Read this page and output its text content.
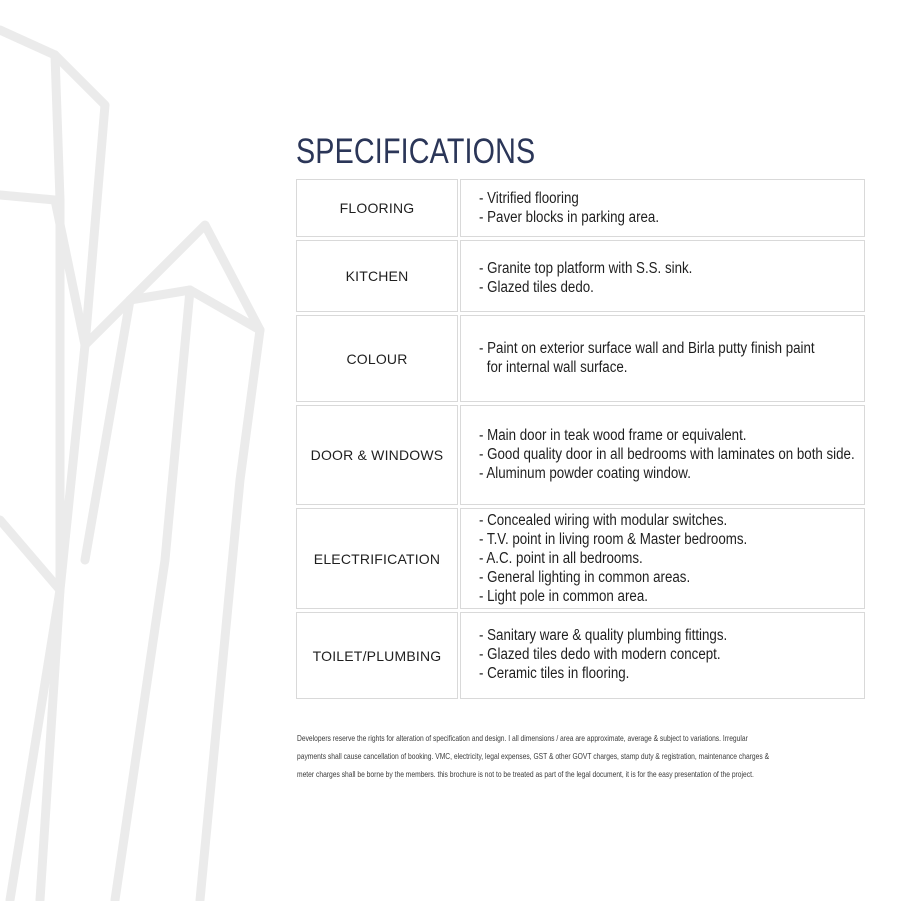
SPECIFICATIONS
FLOORING
- Vitrified flooring
- Paver blocks in parking area.
KITCHEN	- Granite top platform with S.S. sink.
- Glazed tiles dedo.
COLOUR
- Paint on exterior surface wall and Birla putty finish paint
for internal wall surface.
DOOR & WINDOWS
- Main door in teak wood frame or equivalent.
- Good quality door in all bedrooms with laminates on both side.
- Aluminum powder coating window.
ELECTRIFICATION
- Concealed wiring with modular switches.
- T.V. point in living room & Master bedrooms.
- A.C. point in all bedrooms.
- General lighting in common areas.
- Light pole in common area.
TOILET/PLUMBING
- Sanitary ware & quality plumbing fittings.
- Glazed tiles dedo with modern concept.
- Ceramic tiles in flooring.

Developers reserve the rights for alteration of specification and design. I all dimensions / area are approximate, average & subject to variations. Irregular
payments shall cause cancellation of booking. VMC, electricity, legal expenses, GST & other GOVT charges, stamp duty & registration, maintenance charges &
meter charges shall be borne by the members. this brochure is not to be treated as part of the legal document, it is for the easy presentation of the project.
